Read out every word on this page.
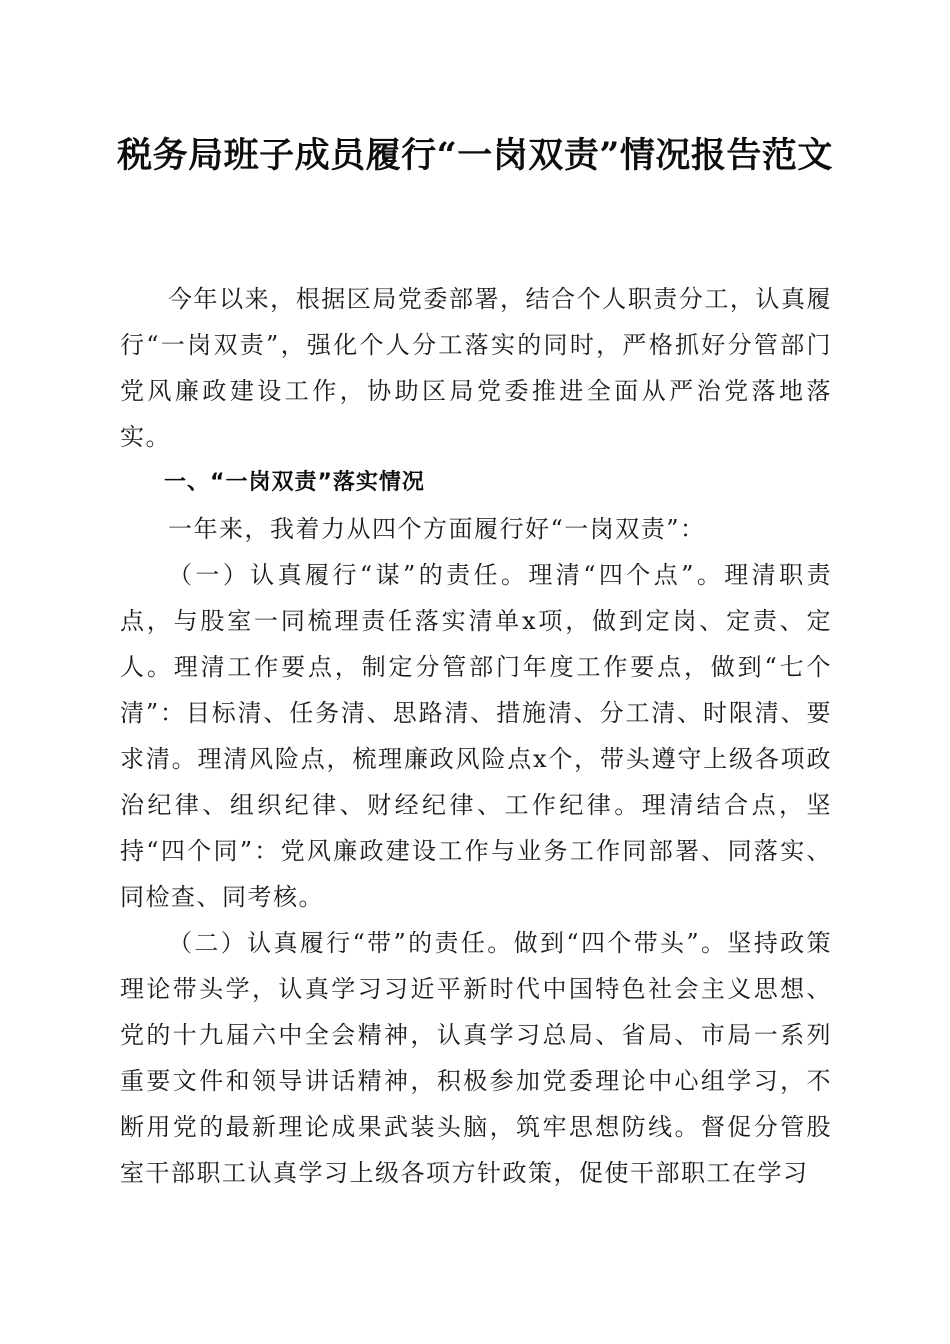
税务局班子成员履行“一岗双责”情况报告范文

今年以来，根据区局党委部署，结合个人职责分工，认真履行“一岗双责”，强化个人分工落实的同时，严格抓好分管部门党风廉政建设工作，协助区局党委推进全面从严治党落地落实。

一、“一岗双责”落实情况

一年来，我着力从四个方面履行好“一岗双责”：

（一）认真履行“谋”的责任。理清“四个点”。理清职责点，与股室一同梳理责任落实清单x项，做到定岗、定责、定人。理清工作要点，制定分管部门年度工作要点，做到“七个清”：目标清、任务清、思路清、措施清、分工清、时限清、要求清。理清风险点，梳理廉政风险点x个，带头遵守上级各项政治纪律、组织纪律、财经纪律、工作纪律。理清结合点，坚持“四个同”：党风廉政建设工作与业务工作同部署、同落实、同检查、同考核。

（二）认真履行“带”的责任。做到“四个带头”。坚持政策理论带头学，认真学习习近平新时代中国特色社会主义思想、党的十九届六中全会精神，认真学习总局、省局、市局一系列重要文件和领导讲话精神，积极参加党委理论中心组学习，不断用党的最新理论成果武装头脑，筑牢思想防线。督促分管股室干部职工认真学习上级各项方针政策，促使干部职工在学习
